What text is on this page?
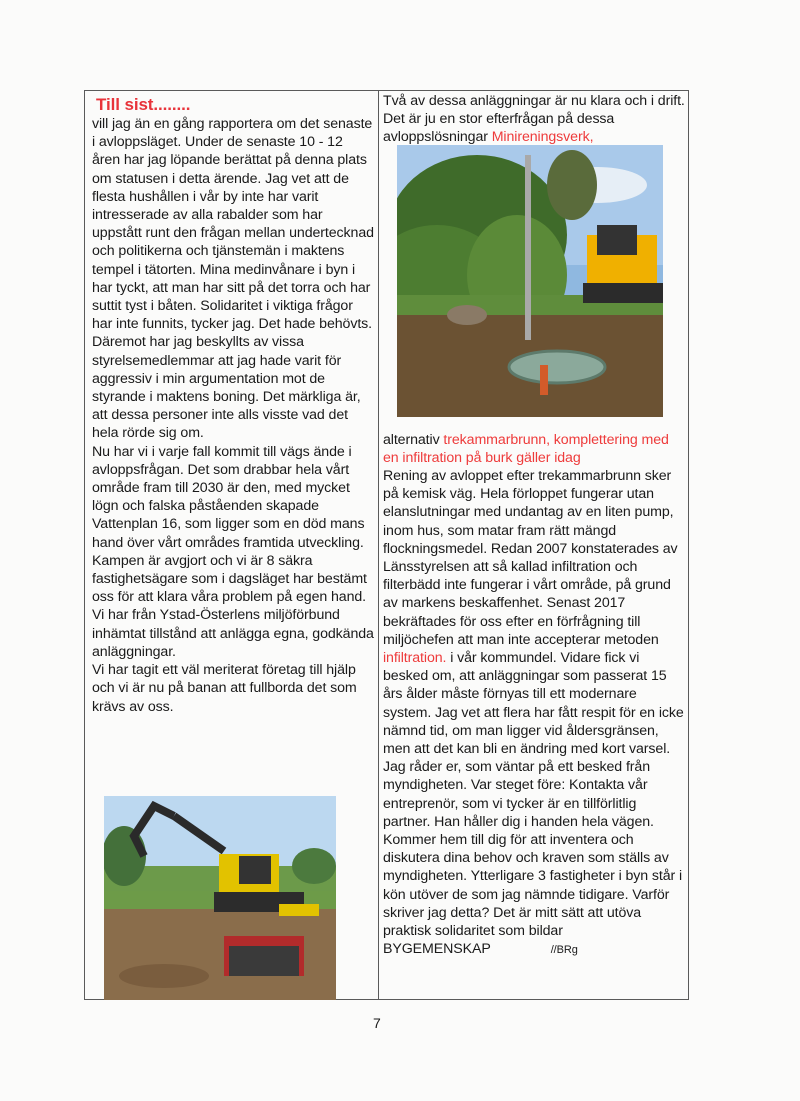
Till sist........
vill jag än en gång rapportera om det senaste i avloppsläget. Under de senaste 10 - 12 åren har jag löpande berättat på denna plats om statusen i detta ärende. Jag vet att de flesta hushållen i vår by inte har varit intresserade av alla rabalder som har uppstått runt den frågan mellan undertecknad och politikerna och tjänstemän i maktens tempel i tätorten. Mina medinvånare i byn i har tyckt, att man har sitt på det torra och har suttit tyst i båten. Solidaritet i viktiga frågor har inte funnits, tycker jag. Det hade behövts. Däremot har jag beskyllts av vissa styrelsemedlemmar att jag hade varit för aggressiv i min argumentation mot de styrande i maktens boning. Det märkliga är, att dessa personer inte alls visste vad det hela rörde sig om.
Nu har vi i varje fall kommit till vägs ände i avloppsfrågan. Det som drabbar hela vårt område fram till 2030 är den, med mycket lögn och falska påståenden skapade Vattenplan 16, som ligger som en död mans hand över vårt områdes framtida utveckling. Kampen är avgjort och vi är 8 säkra fastighetsägare som i dagsläget har bestämt oss för att klara våra problem på egen hand. Vi har från Ystad-Österlens miljöförbund inhämtat tillstånd att anlägga egna, godkända anläggningar.
Vi har tagit ett väl meriterat företag till hjälp och vi är nu på banan att fullborda det som krävs av oss.
Två av dessa anläggningar är nu klara och i drift. Det är ju en stor efterfrågan på dessa avloppslösningar Minireningsverk,
alternativ trekammarbrunn, komplettering med en infiltration på burk gäller idag
Rening av avloppet efter trekammarbrunn sker på kemisk väg. Hela förloppet fungerar utan elanslutningar med undantag av en liten pump, inom hus, som matar fram rätt mängd flockningsmedel. Redan 2007 konstaterades av Länsstyrelsen att så kallad infiltration och filterbädd inte fungerar i vårt område, på grund av markens beskaffenhet. Senast 2017 bekräftades för oss efter en förfrågning till miljöchefen att man inte accepterar metoden infiltration. i vår kommundel. Vidare fick vi besked om, att anläggningar som passerat 15 års ålder måste förnyas till ett modernare system. Jag vet att flera har fått respit för en icke nämnd tid, om man ligger vid åldersgränsen, men att det kan bli en ändring med kort varsel. Jag råder er, som väntar på ett besked från myndigheten. Var steget före: Kontakta vår entreprenör, som vi tycker är en tillförlitlig partner. Han håller dig i handen hela vägen. Kommer hem till dig för att inventera och diskutera dina behov och kraven som ställs av myndigheten. Ytterligare 3 fastigheter i byn står i kön utöver de som jag nämnde tidigare. Varför skriver jag detta? Det är mitt sätt att utöva praktisk solidaritet som bildar BYGEMENSKAP	//BRg
7
